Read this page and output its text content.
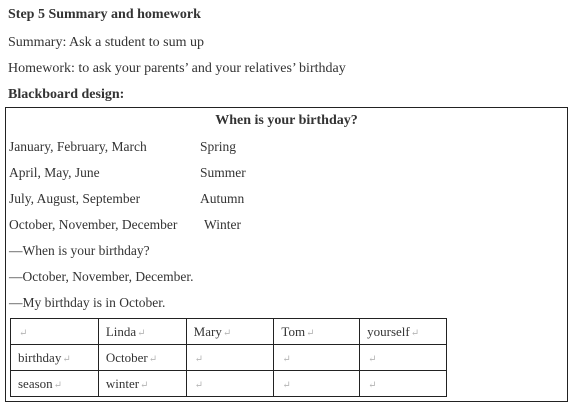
Step 5 Summary and homework
Summary: Ask a student to sum up
Homework: to ask your parents’ and your relatives’ birthday
Blackboard design:
When is your birthday?
January, February, March	Spring
April, May, June	Summer
July, August, September	Autumn
October, November, December Winter
—When is your birthday?
—October, November, December.
—My birthday is in October.
↵	Linda↵	Mary↵	Tom↵	yourself↵
birthday↵	October↵	↵	↵	↵
season↵	winter↵	↵	↵	↵
